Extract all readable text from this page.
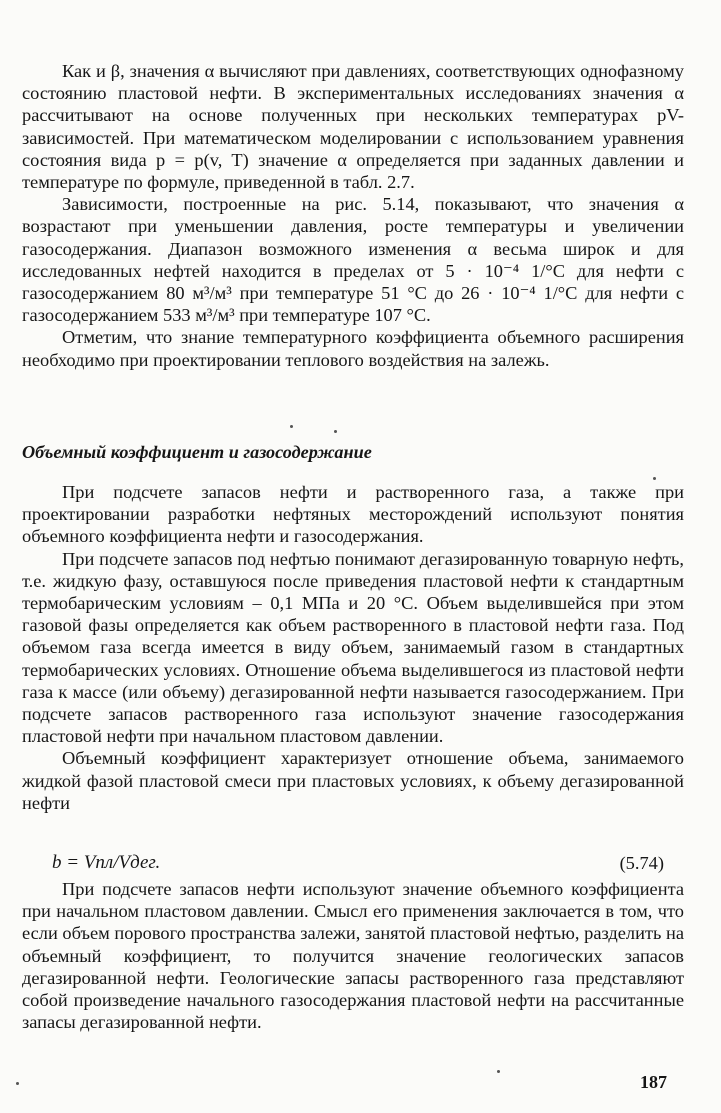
Как и β, значения α вычисляют при давлениях, соответствующих однофазному состоянию пластовой нефти. В экспериментальных исследованиях значения α рассчитывают на основе полученных при нескольких температурах pV-зависимостей. При математическом моделировании с использованием уравнения состояния вида p = p(v, T) значение α определяется при заданных давлении и температуре по формуле, приведенной в табл. 2.7.

Зависимости, построенные на рис. 5.14, показывают, что значения α возрастают при уменьшении давления, росте температуры и увеличении газосодержания. Диапазон возможного изменения α весьма широк и для исследованных нефтей находится в пределах от 5 · 10⁻⁴ 1/°С для нефти с газосодержанием 80 м³/м³ при температуре 51 °С до 26 · 10⁻⁴ 1/°С для нефти с газосодержанием 533 м³/м³ при температуре 107 °С.

Отметим, что знание температурного коэффициента объемного расширения необходимо при проектировании теплового воздействия на залежь.

Объемный коэффициент и газосодержание

При подсчете запасов нефти и растворенного газа, а также при проектировании разработки нефтяных месторождений используют понятия объемного коэффициента нефти и газосодержания.

При подсчете запасов под нефтью понимают дегазированную товарную нефть, т.е. жидкую фазу, оставшуюся после приведения пластовой нефти к стандартным термобарическим условиям – 0,1 МПа и 20 °С. Объем выделившейся при этом газовой фазы определяется как объем растворенного в пластовой нефти газа. Под объемом газа всегда имеется в виду объем, занимаемый газом в стандартных термобарических условиях. Отношение объема выделившегося из пластовой нефти газа к массе (или объему) дегазированной нефти называется газосодержанием. При подсчете запасов растворенного газа используют значение газосодержания пластовой нефти при начальном пластовом давлении.

Объемный коэффициент характеризует отношение объема, занимаемого жидкой фазой пластовой смеси при пластовых условиях, к объему дегазированной нефти

b = Vпл/Vдег.	(5.74)

При подсчете запасов нефти используют значение объемного коэффициента при начальном пластовом давлении. Смысл его применения заключается в том, что если объем порового пространства залежи, занятой пластовой нефтью, разделить на объемный коэффициент, то получится значение геологических запасов дегазированной нефти. Геологические запасы растворенного газа представляют собой произведение начального газосодержания пластовой нефти на рассчитанные запасы дегазированной нефти.

187
